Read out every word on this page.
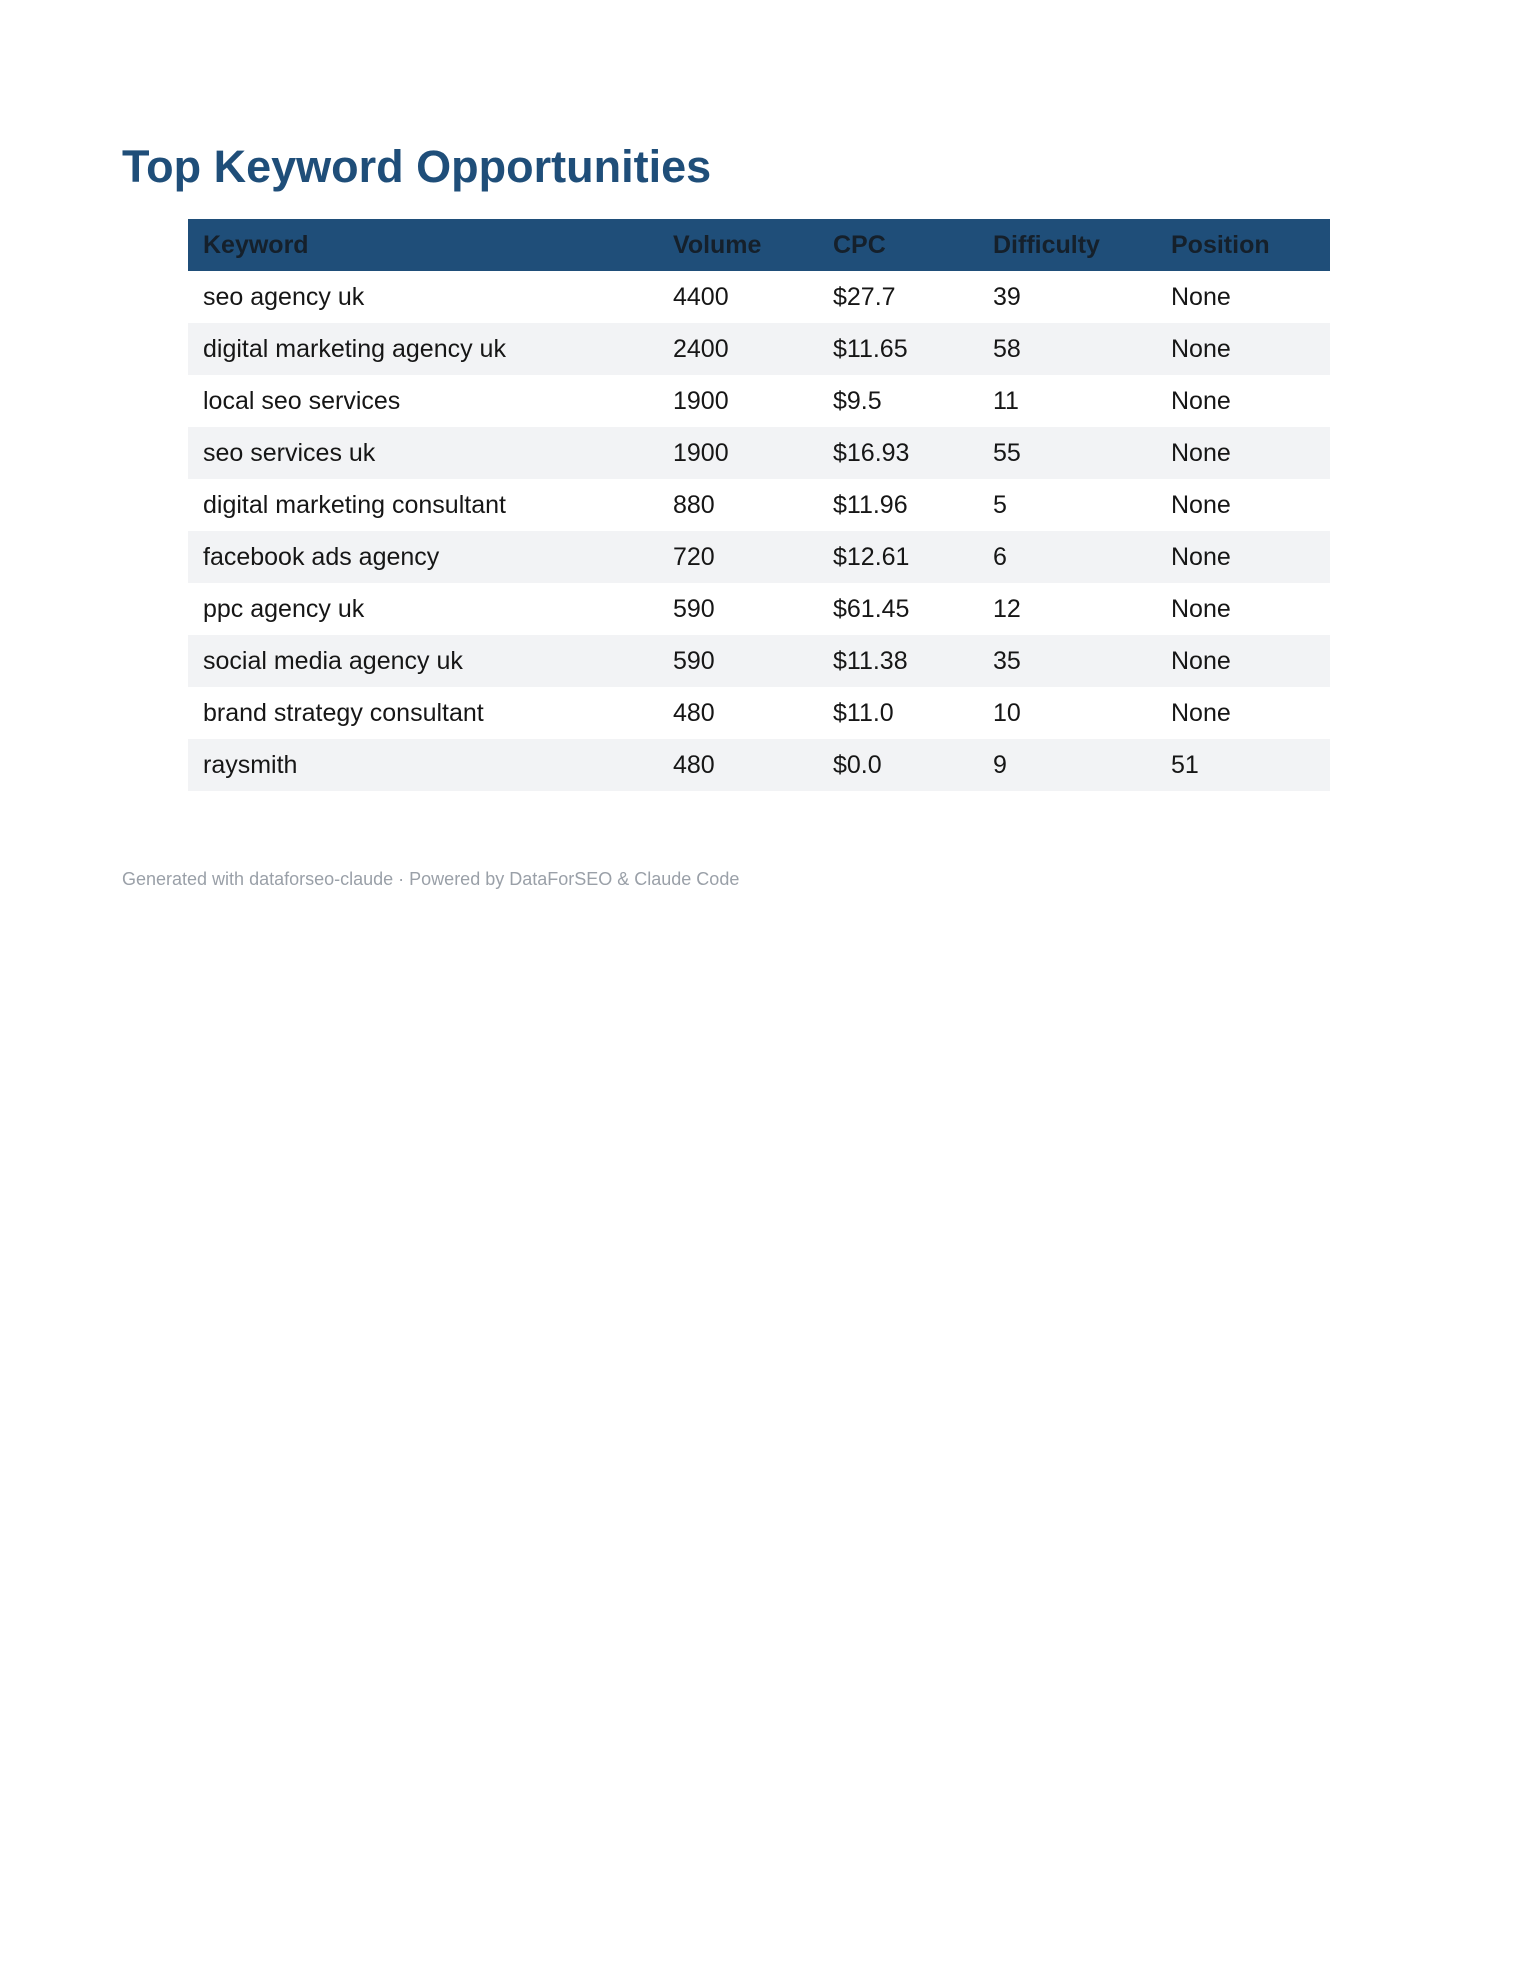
Top Keyword Opportunities
Keyword	Volume	CPC	Difficulty	Position
seo agency uk	4400	$27.7	39	None
digital marketing agency uk	2400	$11.65	58	None
local seo services	1900	$9.5	11	None
seo services uk	1900	$16.93	55	None
digital marketing consultant	880	$11.96	5	None
facebook ads agency	720	$12.61	6	None
ppc agency uk	590	$61.45	12	None
social media agency uk	590	$11.38	35	None
brand strategy consultant	480	$11.0	10	None
raysmith	480	$0.0	9	51
Generated with dataforseo-claude · Powered by DataForSEO & Claude Code
